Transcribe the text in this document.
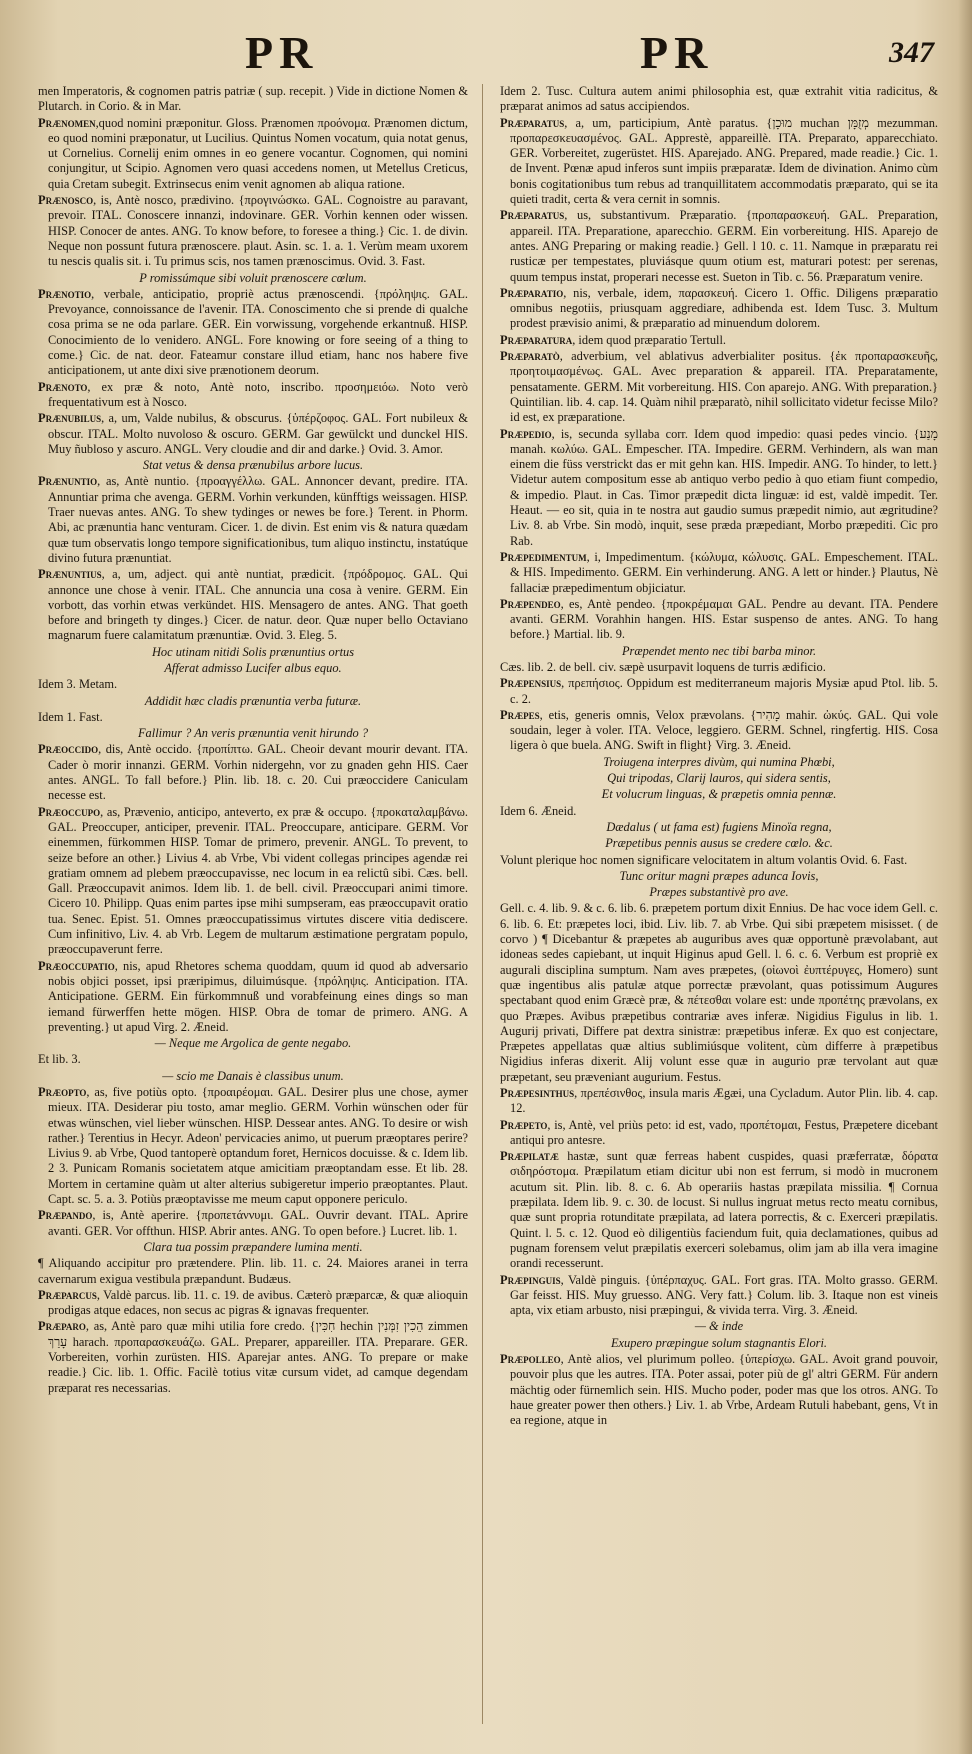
PR	PR	347

men Imperatoris, & cognomen patris patriæ ( sup. recepit. ) Vide in dictione Nomen & Plutarch. in Corio. & in Mar.

Prænomen,quod nomini præponitur. Gloss. Prænomen προόνομα. Prænomen dictum, eo quod nomini præponatur, ut Lucilius. Quintus Nomen vocatum, quia notat genus, ut Cornelius. Cornelij enim omnes in eo genere vocantur. Cognomen, qui nomini conjungitur, ut Scipio. Agnomen vero quasi accedens nomen, ut Metellus Creticus, quia Cretam subegit. Extrinsecus enim venit agnomen ab aliqua ratione.

Prænosco, is, Antè nosco, prædivino. {προγινώσκω. GAL. Cognoistre au paravant, prevoir. ITAL. Conoscere innanzi, indovinare. GER. Vorhin kennen oder wissen. HISP. Conocer de antes. ANG. To know before, to foresee a thing.} Cic. 1. de divin. Neque non possunt futura prænoscere. plaut. Asin. sc. 1. a. 1. Verùm meam uxorem tu nescis qualis sit. i. Tu primus scis, nos tamen prænoscimus. Ovid. 3. Fast.

P romissúmque sibi voluit prænoscere cœlum.

Prænotio, verbale, anticipatio, propriè actus prænoscendi. {πρόληψις. GAL. Prevoyance, connoissance de l'avenir. ITA. Conoscimento che si prende di qualche cosa prima se ne oda parlare. GER. Ein vorwissung, vorgehende erkantnuß. HISP. Conocimiento de lo venidero. ANGL. Fore knowing or fore seeing of a thing to come.} Cic. de nat. deor. Fateamur constare illud etiam, hanc nos habere five anticipationem, ut ante dixi sive prænotionem deorum.

Prænoto, ex præ & noto, Antè noto, inscribo. προσημειόω. Noto verò frequentativum est à Nosco.

Prænubilus, a, um, Valde nubilus, & obscurus. {ὑπέρζοφος. GAL. Fort nubileux & obscur. ITAL. Molto nuvoloso & oscuro. GERM. Gar gewülckt und dunckel HIS. Muy ñubloso y ascuro. ANGL. Very cloudie and dir and darke.} Ovid. 3. Amor.

Stat vetus & densa prænubilus arbore lucus.

Prænuntio, as, Antè nuntio. {προαγγέλλω. GAL. Annoncer devant, predire. ITA. Annuntiar prima che avenga. GERM. Vorhin verkunden, künfftigs weissagen. HISP. Traer nuevas antes. ANG. To shew tydinges or newes be fore.} Terent. in Phorm. Abi, ac prænuntia hanc venturam. Cicer. 1. de divin. Est enim vis & natura quædam quæ tum observatis longo tempore significationibus, tum aliquo instinctu, instatúque divino futura prænuntiat.

Prænuntius, a, um, adject. qui antè nuntiat, prædicit. {πρόδρομος. GAL. Qui annonce une chose à venir. ITAL. Che annuncia una cosa à venire. GERM. Ein vorbott, das vorhin etwas verkündet. HIS. Mensagero de antes. ANG. That goeth before and bringeth ty dinges.} Cicer. de natur. deor. Quæ nuper bello Octaviano magnarum fuere calamitatum prænuntiæ. Ovid. 3. Eleg. 5.

Hoc utinam nitidi Solis prænuntius ortus

Afferat admisso Lucifer albus equo.

Idem 3. Metam.

Addidit hæc cladis prænuntia verba futuræ.

Idem 1. Fast.

Fallimur ? An veris prænuntia venit hirundo ?

Præoccido, dis, Antè occido. {προπίπτω. GAL. Cheoir devant mourir devant. ITA. Cader ò morir innanzi. GERM. Vorhin nidergehn, vor zu gnaden gehn HIS. Caer antes. ANGL. To fall before.} Plin. lib. 18. c. 20. Cui præoccidere Caniculam necesse est.

Præoccupo, as, Prævenio, anticipo, anteverto, ex præ & occupo. {προκαταλαμβάνω. GAL. Preoccuper, anticiper, prevenir. ITAL. Preoccupare, anticipare. GERM. Vor einemmen, fürkommen HISP. Tomar de primero, prevenir. ANGL. To prevent, to seize before an other.} Livius 4. ab Vrbe, Vbi vident collegas principes agendæ rei gratiam omnem ad plebem præoccupavisse, nec locum in ea relictû sibi. Cæs. bell. Gall. Præoccupavit animos. Idem lib. 1. de bell. civil. Præoccupari animi timore. Cicero 10. Philipp. Quas enim partes ipse mihi sumpseram, eas præoccupavit oratio tua. Senec. Epist. 51. Omnes præoccupatissimus virtutes discere vitia dediscere. Cum infinitivo, Liv. 4. ab Vrb. Legem de multarum æstimatione pergratam populo, præoccupaverunt ferre.

Præoccupatio, nis, apud Rhetores schema quoddam, quum id quod ab adversario nobis objici posset, ipsi præripimus, diluimúsque. {πρόληψις. Anticipation. ITA. Anticipatione. GERM. Ein fürkommnuß und vorabfeinung eines dings so man iemand fürwerffen hette mögen. HISP. Obra de tomar de primero. ANG. A preventing.} ut apud Virg. 2. Æneid.

— Neque me Argolica de gente negabo.

Et lib. 3.

— scio me Danais è classibus unum.

Præopto, as, five potiùs opto. {προαιρέομαι. GAL. Desirer plus une chose, aymer mieux. ITA. Desiderar piu tosto, amar meglio. GERM. Vorhin wünschen oder für etwas wünschen, viel lieber wünschen. HISP. Dessear antes. ANG. To desire or wish rather.} Terentius in Hecyr. Adeon' pervicacies animo, ut puerum præoptares perire? Livius 9. ab Vrbe, Quod tantoperè optandum foret, Hernicos docuisse. & c. Idem lib. 2 3. Punicam Romanis societatem atque amicitiam præoptandam esse. Et lib. 28. Mortem in certamine quàm ut alter alterius subigeretur imperio præoptantes. Plaut. Capt. sc. 5. a. 3. Potiùs præoptavisse me meum caput opponere periculo.

Præpando, is, Antè aperire. {προπετάννυμι. GAL. Ouvrir devant. ITAL. Aprire avanti. GER. Vor offthun. HISP. Abrir antes. ANG. To open before.} Lucret. lib. 1.

Clara tua possim præpandere lumina menti.

¶ Aliquando accipitur pro prætendere. Plin. lib. 11. c. 24. Maiores aranei in terra cavernarum exigua vestibula præpandunt. Budæus.

Præparcus, Valdè parcus. lib. 11. c. 19. de avibus. Cæterò præparcæ, & quæ alioquin prodigas atque edaces, non secus ac pigras & ignavas frequenter.

Præparo, as, Antè paro quæ mihi utilia fore credo. {חִכִּין hechin הֵכִין זִמְּנִין zimmen עָרַךְ harach. προπαρασκευάζω. GAL. Preparer, appareiller. ITA. Preparare. GER. Vorbereiten, vorhin zurüsten. HIS. Aparejar antes. ANG. To prepare or make readie.} Cic. lib. 1. Offic. Facilè totius vitæ cursum videt, ad camque degendam præparat res necessarias.

Idem 2. Tusc. Cultura autem animi philosophia est, quæ extrahit vitia radicitus, & præparat animos ad satus accipiendos.

Præparatus, a, um, participium, Antè paratus. {מוּכָן muchan מְזֻמָּן mezumman. προπαρεσκευασμένος. GAL. Apprestè, appareillè. ITA. Preparato, apparecchiato. GER. Vorbereitet, zugerüstet. HIS. Aparejado. ANG. Prepared, made readie.} Cic. 1. de Invent. Pœnæ apud inferos sunt impiis præparatæ. Idem de divination. Animo cùm bonis cogitationibus tum rebus ad tranquillitatem accommodatis præparato, qui se ita quieti tradit, certa & vera cernit in somnis.

Præparatus, us, substantivum. Præparatio. {προπαρασκευή. GAL. Preparation, appareil. ITA. Preparatione, aparecchio. GERM. Ein vorbereitung. HIS. Aparejo de antes. ANG Preparing or making readie.} Gell. l 10. c. 11. Namque in præparatu rei rusticæ per tempestates, pluviásque quum otium est, maturari potest: per serenas, quum tempus instat, properari necesse est. Sueton in Tib. c. 56. Præparatum venire.

Præparatio, nis, verbale, idem, παρασκευή. Cicero 1. Offic. Diligens præparatio omnibus negotiis, priusquam aggrediare, adhibenda est. Idem Tusc. 3. Multum prodest prævisio animi, & præparatio ad minuendum dolorem.

Præparatura, idem quod præparatio Tertull.

Præparatò, adverbium, vel ablativus adverbialiter positus. {ἐκ προπαρασκευῆς, προητοιμασμένως. GAL. Avec preparation & appareil. ITA. Preparatamente, pensatamente. GERM. Mit vorbereitung. HIS. Con aparejo. ANG. With preparation.} Quintilian. lib. 4. cap. 14. Quàm nihil præparatò, nihil sollicitato videtur fecisse Milo? id est, ex præparatione.

Præpedio, is, secunda syllaba corr. Idem quod impedio: quasi pedes vincio. {מָנַע manah. κωλύω. GAL. Empescher. ITA. Impedire. GERM. Verhindern, als wan man einem die füss verstrickt das er mit gehn kan. HIS. Impedir. ANG. To hinder, to lett.} Videtur autem compositum esse ab antiquo verbo pedio à quo etiam fiunt compedio, & impedio. Plaut. in Cas. Timor præpedit dicta linguæ: id est, valdè impedit. Ter. Heaut. — eo sit, quia in te nostra aut gaudio sumus præpedit nimio, aut ægritudine? Liv. 8. ab Vrbe. Sin modò, inquit, sese præda præpediant, Morbo præpediti. Cic pro Rab.

Præpedimentum, i, Impedimentum. {κώλυμα, κώλυσις. GAL. Empeschement. ITAL. & HIS. Impedimento. GERM. Ein verhinderung. ANG. A lett or hinder.} Plautus, Nè fallaciæ præpedimentum objiciatur.

Præpendeo, es, Antè pendeo. {προκρέμαμαι GAL. Pendre au devant. ITA. Pendere avanti. GERM. Vorahhin hangen. HIS. Estar suspenso de antes. ANG. To hang before.} Martial. lib. 9.

Præpendet mento nec tibi barba minor.

Cæs. lib. 2. de bell. civ. sæpè usurpavit loquens de turris ædificio.

Præpensius, πρεπήσιος. Oppidum est mediterraneum majoris Mysiæ apud Ptol. lib. 5. c. 2.

Præpes, etis, generis omnis, Velox prævolans. {מָהִיר mahir. ὠκύς. GAL. Qui vole soudain, leger à voler. ITA. Veloce, leggiero. GERM. Schnel, ringfertig. HIS. Cosa ligera ò que buela. ANG. Swift in flight} Virg. 3. Æneid.

Troiugena interpres divùm, qui numina Phœbi,

Qui tripodas, Clarij lauros, qui sidera sentis,

Et volucrum linguas, & præpetis omnia pennæ.

Idem 6. Æneid.

Dædalus ( ut fama est) fugiens Minoïa regna,

Præpetibus pennis ausus se credere cœlo. &c.

Volunt plerique hoc nomen significare velocitatem in altum volantis Ovid. 6. Fast.

Tunc oritur magni præpes adunca Iovis,

Præpes substantivè pro ave.

Gell. c. 4. lib. 9. & c. 6. lib. 6. præpetem portum dixit Ennius. De hac voce idem Gell. c. 6. lib. 6. Et: præpetes loci, ibid. Liv. lib. 7. ab Vrbe. Qui sibi præpetem misisset. ( de corvo ) ¶ Dicebantur & præpetes ab auguribus aves quæ opportunè prævolabant, aut idoneas sedes capiebant, ut inquit Higinus apud Gell. l. 6. c. 6. Verbum est propriè ex augurali disciplina sumptum. Nam aves præpetes, (οἰωνοὶ ἐυπτέρυγες, Homero) sunt quæ ingentibus alis patulæ atque porrectæ prævolant, quas potissimum Augures spectabant quod enim Græcè præ, & πέτεσθαι volare est: unde προπέτης prævolans, ex quo Præpes. Avibus præpetibus contrariæ aves inferæ. Nigidius Figulus in lib. 1. Augurij privati, Differe pat dextra sinistræ: præpetibus inferæ. Ex quo est conjectare, Præpetes appellatas quæ altius sublimiúsque volitent, cùm differre à præpetibus Nigidius inferas dixerit. Alij volunt esse quæ in augurio præ tervolant aut quæ præpetant, seu præveniant augurium. Festus.

Præpesinthus, πρεπέσινθος, insula maris Ægæi, una Cycladum. Autor Plin. lib. 4. cap. 12.

Præpeto, is, Antè, vel priùs peto: id est, vado, προπέτομαι, Festus, Præpetere dicebant antiqui pro antesre.

Præpilatæ hastæ, sunt quæ ferreas habent cuspides, quasi præferratæ, δόρατα σιδηρόστομα. Præpilatum etiam dicitur ubi non est ferrum, si modò in mucronem acutum sit. Plin. lib. 8. c. 6. Ab operariis hastas præpilata missilia. ¶ Cornua præpilata. Idem lib. 9. c. 30. de locust. Si nullus ingruat metus recto meatu cornibus, quæ sunt propria rotunditate præpilata, ad latera porrectis, & c. Exerceri præpilatis. Quint. l. 5. c. 12. Quod eò diligentiùs faciendum fuit, quia declamationes, quibus ad pugnam forensem velut præpilatis exerceri solebamus, olim jam ab illa vera imagine orandi recesserunt.

Præpinguis, Valdè pinguis. {ὑπέρπαχυς. GAL. Fort gras. ITA. Molto grasso. GERM. Gar feisst. HIS. Muy gruesso. ANG. Very fatt.} Colum. lib. 3. Itaque non est vineis apta, vix etiam arbusto, nisi præpingui, & vivida terra. Virg. 3. Æneid.

— & inde

Exupero præpingue solum stagnantis Elori.

Præpolleo, Antè alios, vel plurimum polleo. {ὑπερίσχω. GAL. Avoit grand pouvoir, pouvoir plus que les autres. ITA. Poter assai, poter più de gl' altri GERM. Für andern mächtig oder fürnemlich sein. HIS. Mucho poder, poder mas que los otros. ANG. To haue greater power then others.} Liv. 1. ab Vrbe, Ardeam Rutuli habebant, gens, Vt in ea regione, atque in
